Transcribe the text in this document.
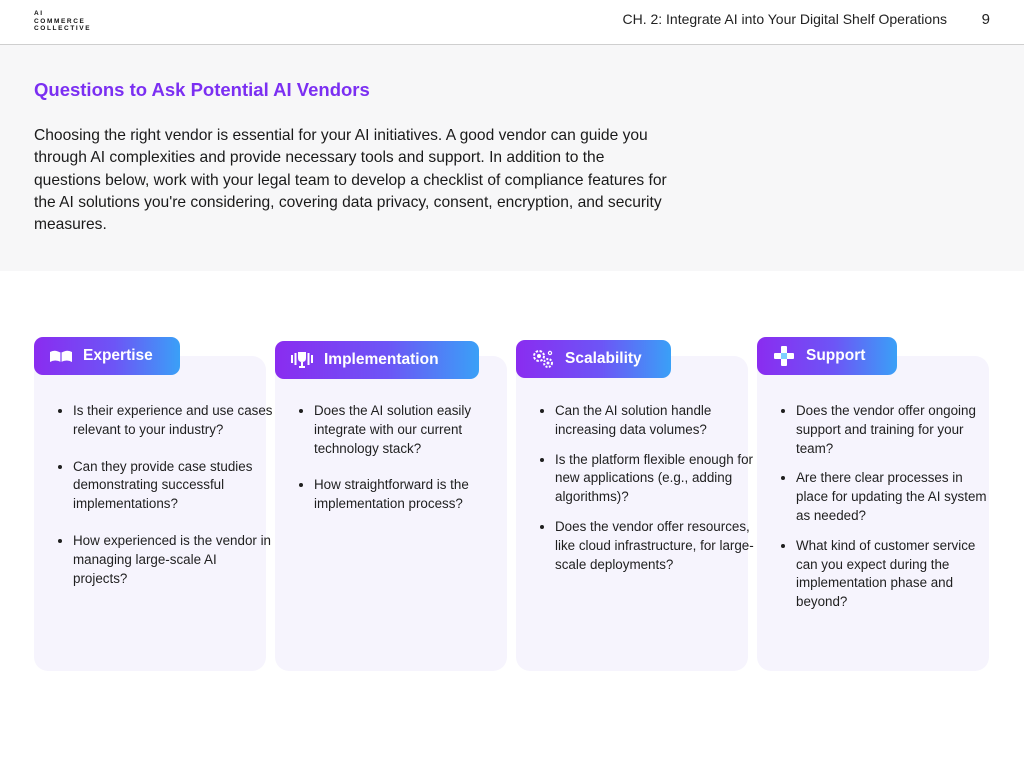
AI
COMMERCE
COLLECTIVE
CH. 2: Integrate AI into Your Digital Shelf Operations 9
Questions to Ask Potential AI Vendors

Choosing the right vendor is essential for your AI initiatives. A good vendor can guide you through AI complexities and provide necessary tools and support. In addition to the questions below, work with your legal team to develop a checklist of compliance features for the AI solutions you're considering, covering data privacy, consent, encryption, and security measures.

• Is their experience and use cases relevant to your industry?
• Can they provide case studies demonstrating successful implementations?
• How experienced is the vendor in managing large-scale AI projects?
Expertise
• Does the AI solution easily integrate with our current technology stack?
• How straightforward is the implementation process?
Implementation
• Can the AI solution handle increasing data volumes?
• Is the platform flexible enough for new applications (e.g., adding algorithms)?
• Does the vendor offer resources, like cloud infrastructure, for large-scale deployments?
Scalability
• Does the vendor offer ongoing support and training for your team?
• Are there clear processes in place for updating the AI system as needed?
• What kind of customer service can you expect during the implementation phase and beyond?
Support
